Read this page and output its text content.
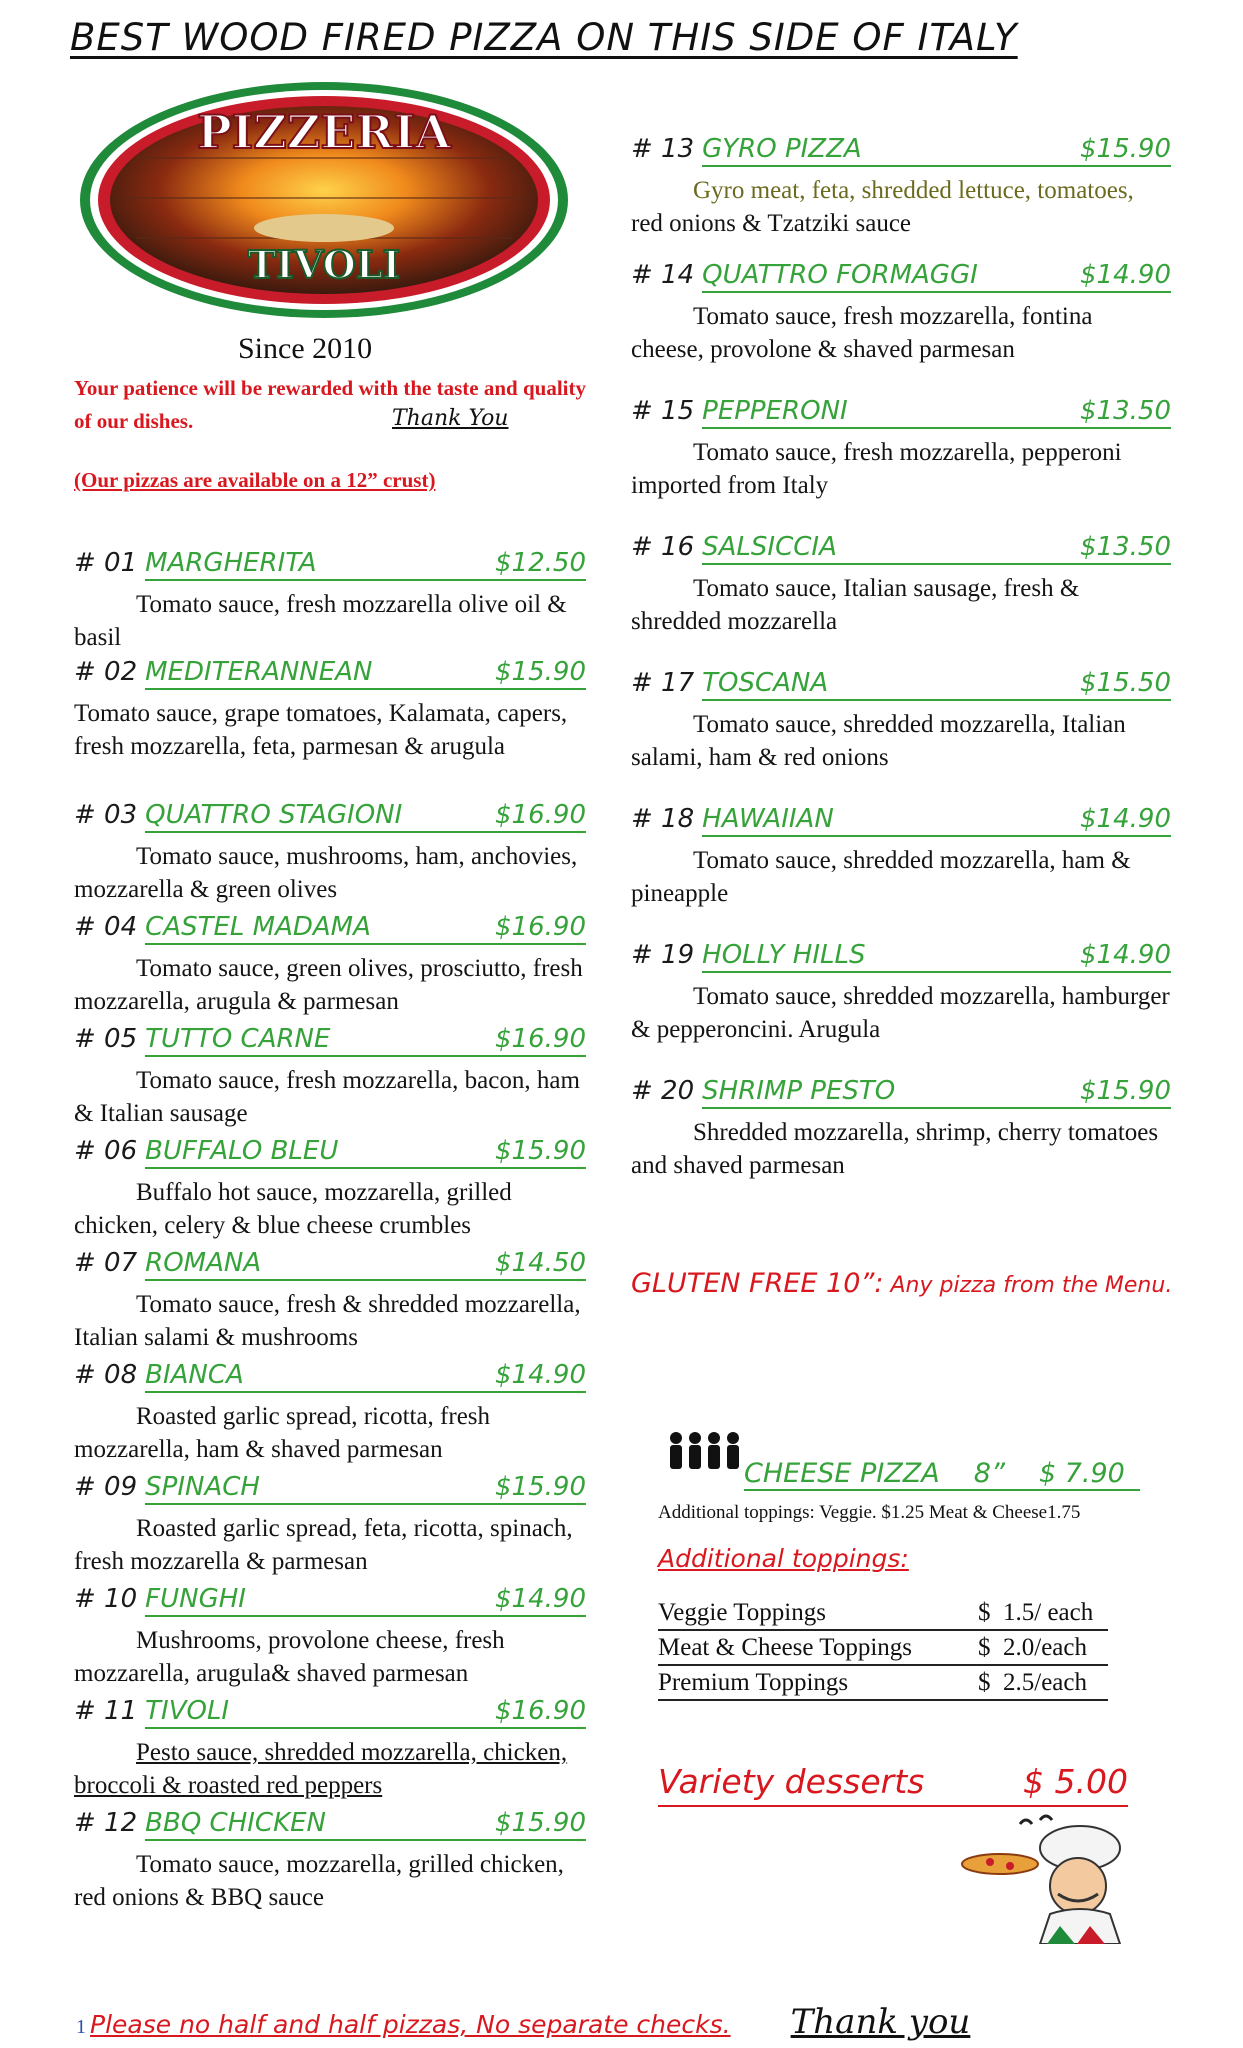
BEST WOOD FIRED PIZZA ON THIS SIDE OF ITALY
PIZZERIA
TIVOLI
Since 2010
Your patience will be rewarded with the taste and quality of our dishes.	Thank You
(Our pizzas are available on a 12” crust)
# 01 MARGHERITA	$12.50
Tomato sauce, fresh mozzarella olive oil & basil
# 02 MEDITERANNEAN	$15.90
Tomato sauce, grape tomatoes, Kalamata, capers, fresh mozzarella, feta, parmesan & arugula
# 03 QUATTRO STAGIONI	$16.90
Tomato sauce, mushrooms, ham, anchovies, mozzarella & green olives
# 04 CASTEL MADAMA	$16.90
Tomato sauce, green olives, prosciutto, fresh mozzarella, arugula & parmesan
# 05 TUTTO CARNE	$16.90
Tomato sauce, fresh mozzarella, bacon, ham & Italian sausage
# 06 BUFFALO BLEU	$15.90
Buffalo hot sauce, mozzarella, grilled chicken, celery & blue cheese crumbles
# 07 ROMANA	$14.50
Tomato sauce, fresh & shredded mozzarella, Italian salami & mushrooms
# 08 BIANCA	$14.90
Roasted garlic spread, ricotta, fresh mozzarella, ham & shaved parmesan
# 09 SPINACH	$15.90
Roasted garlic spread, feta, ricotta, spinach, fresh mozzarella & parmesan
# 10 FUNGHI	$14.90
Mushrooms, provolone cheese, fresh mozzarella, arugula& shaved parmesan
# 11 TIVOLI	$16.90
Pesto sauce, shredded mozzarella, chicken, broccoli & roasted red peppers
# 12 BBQ CHICKEN	$15.90
Tomato sauce, mozzarella, grilled chicken, red onions & BBQ sauce
# 13 GYRO PIZZA	$15.90
Gyro meat, feta, shredded lettuce, tomatoes, red onions & Tzatziki sauce
# 14 QUATTRO FORMAGGI	$14.90
Tomato sauce, fresh mozzarella, fontina cheese, provolone & shaved parmesan
# 15 PEPPERONI	$13.50
Tomato sauce, fresh mozzarella, pepperoni imported from Italy
# 16 SALSICCIA	$13.50
Tomato sauce, Italian sausage, fresh & shredded mozzarella
# 17 TOSCANA	$15.50
Tomato sauce, shredded mozzarella, Italian salami, ham & red onions
# 18 HAWAIIAN	$14.90
Tomato sauce, shredded mozzarella, ham & pineapple
# 19 HOLLY HILLS	$14.90
Tomato sauce, shredded mozzarella, hamburger & pepperoncini. Arugula
# 20 SHRIMP PESTO	$15.90
Shredded mozzarella, shrimp, cherry tomatoes and shaved parmesan
GLUTEN FREE 10”: Any pizza from the Menu.
CHEESE PIZZA 8” $ 7.90
Additional toppings: Veggie. $1.25 Meat & Cheese1.75
Additional toppings:
Veggie Toppings	$  1.5/ each
Meat & Cheese Toppings	$  2.0/each
Premium Toppings	$  2.5/each
Variety desserts	$ 5.00
1 Please no half and half pizzas, No separate checks. Thank you
